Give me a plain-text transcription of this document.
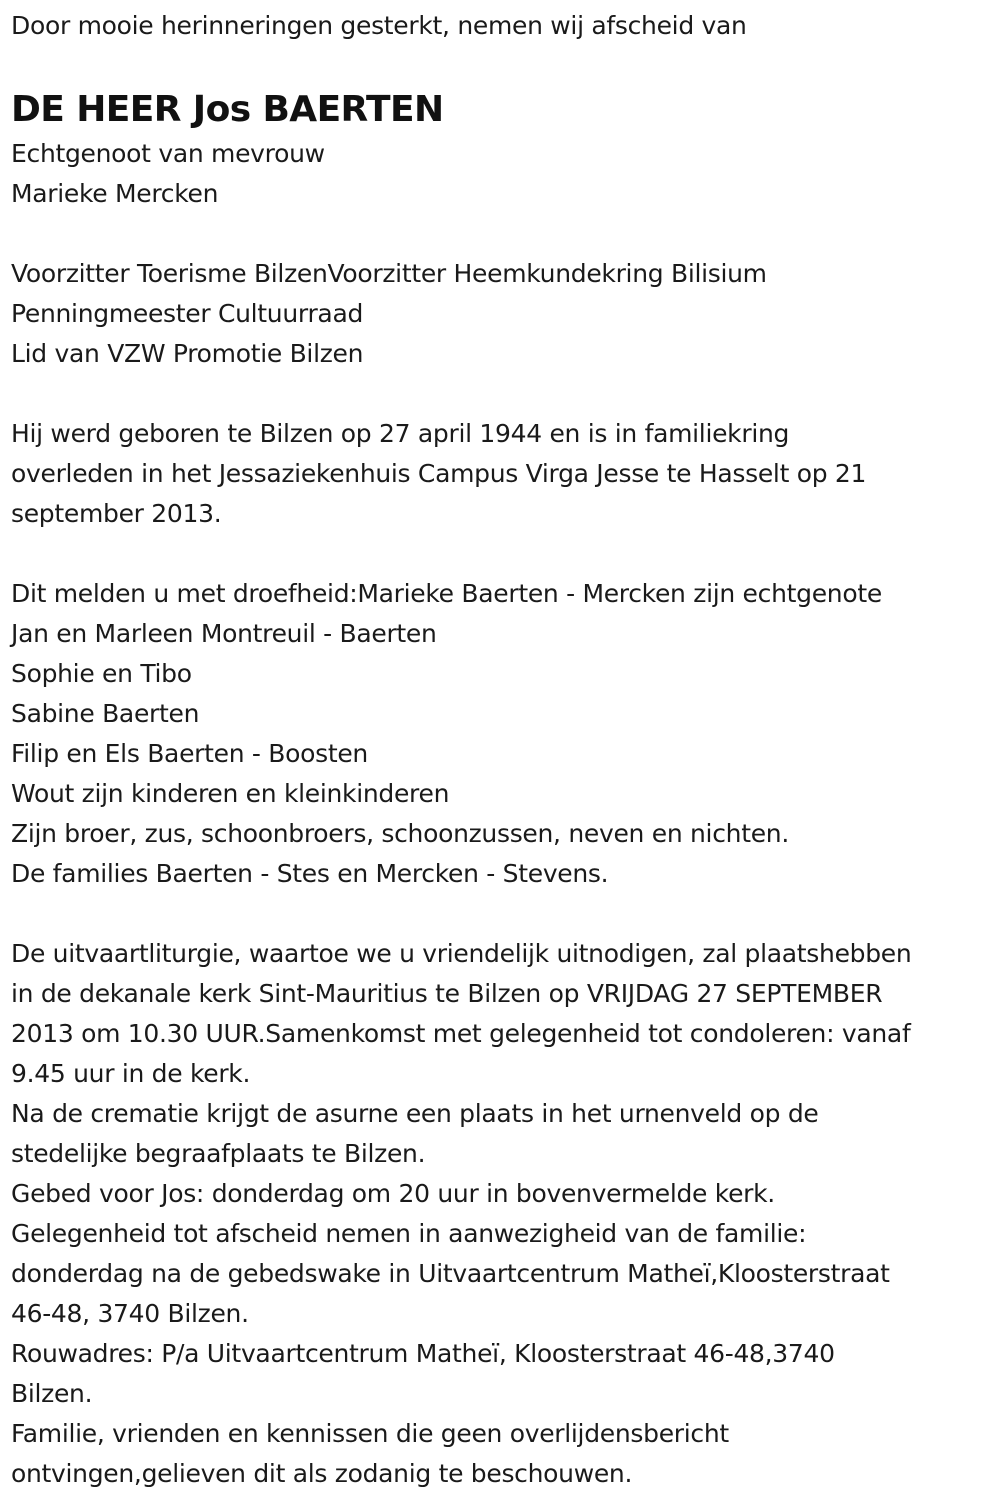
Door mooie herinneringen gesterkt, nemen wij afscheid van
DE HEER Jos BAERTEN
Echtgenoot van mevrouw
Marieke Mercken
Voorzitter Toerisme BilzenVoorzitter Heemkundekring Bilisium
Penningmeester Cultuurraad
Lid van VZW Promotie Bilzen
Hij werd geboren te Bilzen op 27 april 1944 en is in familiekring
overleden in het Jessaziekenhuis Campus Virga Jesse te Hasselt op 21
september 2013.
Dit melden u met droefheid:Marieke Baerten - Mercken zijn echtgenote
Jan en Marleen Montreuil - Baerten
Sophie en Tibo
Sabine Baerten
Filip en Els Baerten - Boosten
Wout zijn kinderen en kleinkinderen
Zijn broer, zus, schoonbroers, schoonzussen, neven en nichten.
De families Baerten - Stes en Mercken - Stevens.
De uitvaartliturgie, waartoe we u vriendelijk uitnodigen, zal plaatshebben
in de dekanale kerk Sint-Mauritius te Bilzen op VRIJDAG 27 SEPTEMBER
2013 om 10.30 UUR.Samenkomst met gelegenheid tot condoleren: vanaf
9.45 uur in de kerk.
Na de crematie krijgt de asurne een plaats in het urnenveld op de
stedelijke begraafplaats te Bilzen.
Gebed voor Jos: donderdag om 20 uur in bovenvermelde kerk.
Gelegenheid tot afscheid nemen in aanwezigheid van de familie:
donderdag na de gebedswake in Uitvaartcentrum Matheï,Kloosterstraat
46-48, 3740 Bilzen.
Rouwadres: P/a Uitvaartcentrum Matheï, Kloosterstraat 46-48,3740
Bilzen.
Familie, vrienden en kennissen die geen overlijdensbericht
ontvingen,gelieven dit als zodanig te beschouwen.
